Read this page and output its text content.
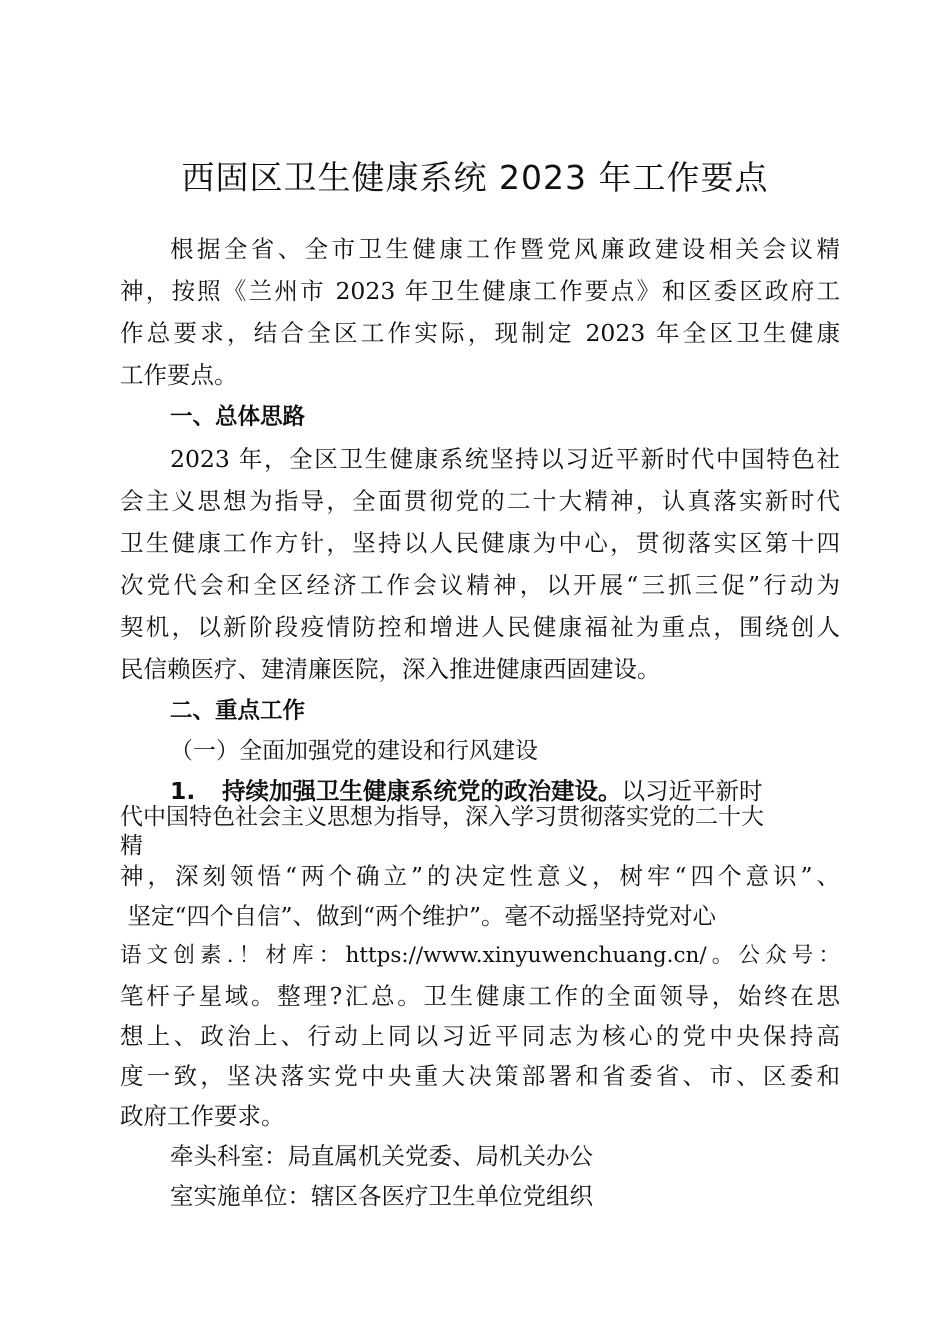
西固区卫生健康系统 2023 年工作要点
根据全省、全市卫生健康工作暨党风廉政建设相关会议精
神，按照《兰州市 2023 年卫生健康工作要点》和区委区政府工
作总要求，结合全区工作实际，现制定 2023 年全区卫生健康
工作要点。
一、总体思路
2023 年，全区卫生健康系统坚持以习近平新时代中国特色社
会主义思想为指导，全面贯彻党的二十大精神，认真落实新时代
卫生健康工作方针，坚持以人民健康为中心，贯彻落实区第十四
次党代会和全区经济工作会议精神，以开展“三抓三促”行动为
契机，以新阶段疫情防控和增进人民健康福祉为重点，围绕创人
民信赖医疗、建清廉医院，深入推进健康西固建设。
二、重点工作
（一）全面加强党的建设和行风建设
1. 持续加强卫生健康系统党的政治建设。以习近平新时
代中国特色社会主义思想为指导，深入学习贯彻落实党的二十大
精
神，深刻领悟“两个确立”的决定性意义，树牢“四个意识”、
坚定“四个自信”、做到“两个维护”。毫不动摇坚持党对心
语文创素.！材库：https://www.xinyuwenchuang.cn/。公众号：
笔杆子星域。整理?汇总。卫生健康工作的全面领导，始终在思
想上、政治上、行动上同以习近平同志为核心的党中央保持高
度一致，坚决落实党中央重大决策部署和省委省、市、区委和
政府工作要求。
牵头科室：局直属机关党委、局机关办公
室实施单位：辖区各医疗卫生单位党组织
